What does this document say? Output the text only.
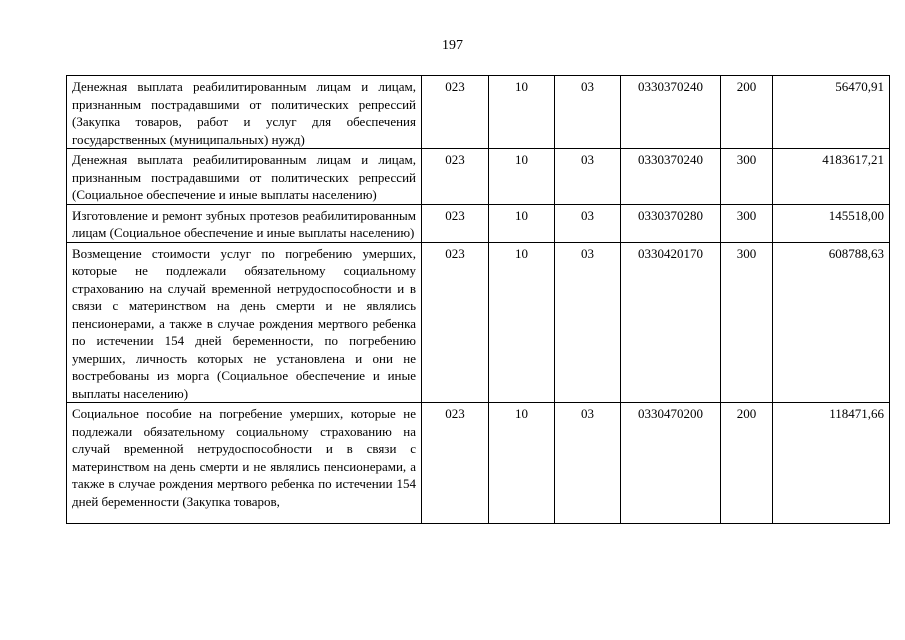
197
Денежная выплата реабилитированным лицам и лицам, признанным пострадавшими от политических репрессий (Закупка товаров, работ и услуг для обеспечения государственных (муниципальных) нужд)	023	10	03	0330370240	200	56470,91
Денежная выплата реабилитированным лицам и лицам, признанным пострадавшими от политических репрессий (Социальное обеспечение и иные выплаты населению)	023	10	03	0330370240	300	4183617,21
Изготовление и ремонт зубных протезов реабилитированным лицам (Социальное обеспечение и иные выплаты населению)	023	10	03	0330370280	300	145518,00
Возмещение стоимости услуг по погребению умерших, которые не подлежали обязательному социальному страхованию на случай временной нетрудоспособности и в связи с материнством на день смерти и не являлись пенсионерами, а также в случае рождения мертвого ребенка по истечении 154 дней беременности, по погребению умерших, личность которых не установлена и они не востребованы из морга (Социальное обеспечение и иные выплаты населению)	023	10	03	0330420170	300	608788,63
Социальное пособие на погребение умерших, которые не подлежали обязательному социальному страхованию на случай временной нетрудоспособности и в связи с материнством на день смерти и не являлись пенсионерами, а также в случае рождения мертвого ребенка по истечении 154 дней беременности (Закупка товаров,	023	10	03	0330470200	200	118471,66
